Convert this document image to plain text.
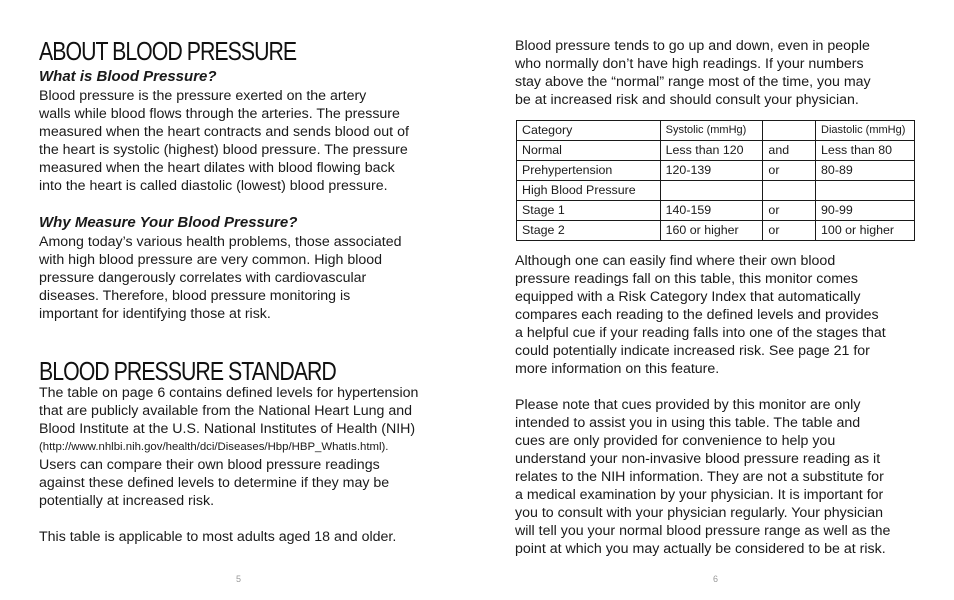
ABOUT BLOOD PRESSURE
What is Blood Pressure?

Blood pressure is the pressure exerted on the artery
walls while blood flows through the arteries. The pressure
measured when the heart contracts and sends blood out of
the heart is systolic (highest) blood pressure. The pressure
measured when the heart dilates with blood flowing back
into the heart is called diastolic (lowest) blood pressure.

Why Measure Your Blood Pressure?

Among today’s various health problems, those associated
with high blood pressure are very common. High blood
pressure dangerously correlates with cardiovascular
diseases. Therefore, blood pressure monitoring is
important for identifying those at risk.

BLOOD PRESSURE STANDARD

The table on page 6 contains defined levels for hypertension
that are publicly available from the National Heart Lung and
Blood Institute at the U.S. National Institutes of Health (NIH)
(http://www.nhlbi.nih.gov/health/dci/Diseases/Hbp/HBP_WhatIs.html).
Users can compare their own blood pressure readings
against these defined levels to determine if they may be
potentially at increased risk.

This table is applicable to most adults aged 18 and older.

5

Blood pressure tends to go up and down, even in people
who normally don’t have high readings. If your numbers
stay above the “normal” range most of the time, you may
be at increased risk and should consult your physician.

Category	Systolic (mmHg)		Diastolic (mmHg)
Normal	Less than 120	and	Less than 80
Prehypertension	120-139	or	80-89
High Blood Pressure			
Stage 1	140-159	or	90-99
Stage 2	160 or higher	or	100 or higher

Although one can easily find where their own blood
pressure readings fall on this table, this monitor comes
equipped with a Risk Category Index that automatically
compares each reading to the defined levels and provides
a helpful cue if your reading falls into one of the stages that
could potentially indicate increased risk. See page 21 for
more information on this feature.

Please note that cues provided by this monitor are only
intended to assist you in using this table. The table and
cues are only provided for convenience to help you
understand your non-invasive blood pressure reading as it
relates to the NIH information. They are not a substitute for
a medical examination by your physician. It is important for
you to consult with your physician regularly. Your physician
will tell you your normal blood pressure range as well as the
point at which you may actually be considered to be at risk.

6
